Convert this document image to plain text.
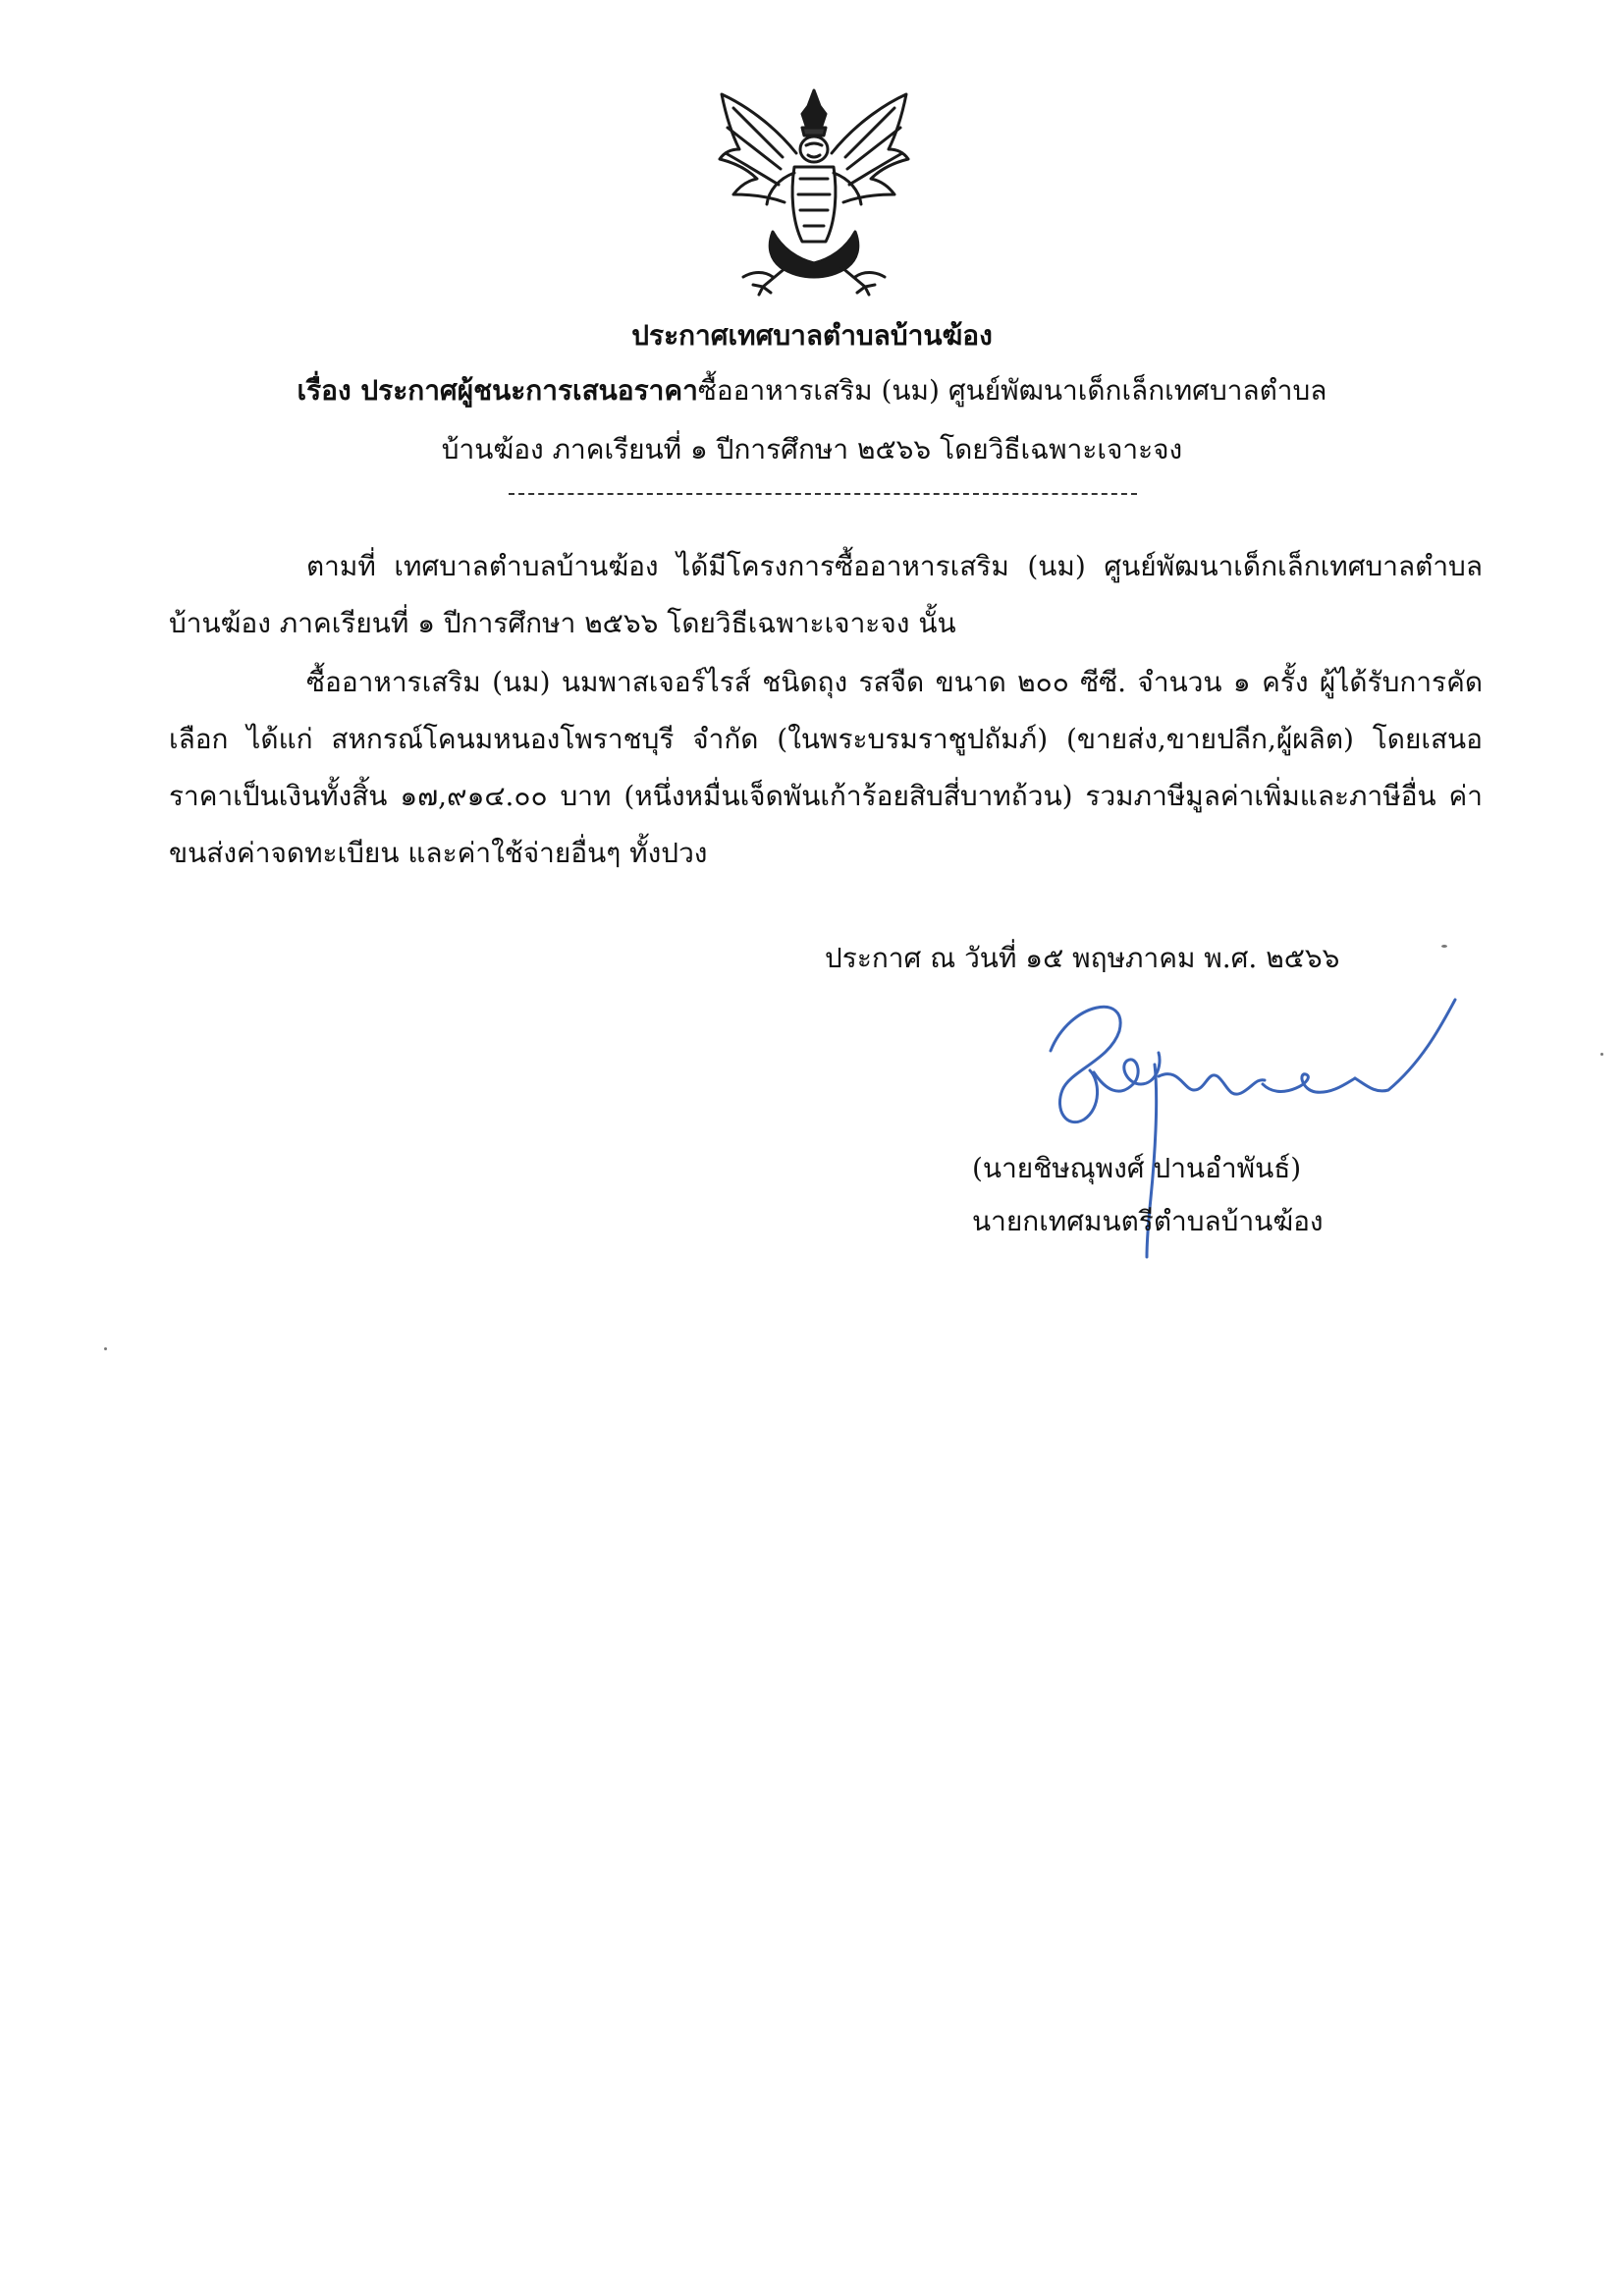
ประกาศเทศบาลตำบลบ้านฆ้อง
เรื่อง ประกาศผู้ชนะการเสนอราคาซื้ออาหารเสริม (นม) ศูนย์พัฒนาเด็กเล็กเทศบาลตำบล
บ้านฆ้อง ภาคเรียนที่ ๑ ปีการศึกษา ๒๕๖๖ โดยวิธีเฉพาะเจาะจง
ตามที่ เทศบาลตำบลบ้านฆ้อง ได้มีโครงการซื้ออาหารเสริม (นม) ศูนย์พัฒนาเด็กเล็กเทศบาลตำบลบ้านฆ้อง ภาคเรียนที่ ๑ ปีการศึกษา ๒๕๖๖ โดยวิธีเฉพาะเจาะจง นั้น
ซื้ออาหารเสริม (นม) นมพาสเจอร์ไรส์ ชนิดถุง รสจืด ขนาด ๒๐๐ ซีซี. จำนวน ๑ ครั้ง ผู้ได้รับการคัดเลือก ได้แก่ สหกรณ์โคนมหนองโพราชบุรี จำกัด (ในพระบรมราชูปถัมภ์) (ขายส่ง,ขายปลีก,ผู้ผลิต) โดยเสนอราคาเป็นเงินทั้งสิ้น ๑๗,๙๑๔.๐๐ บาท (หนึ่งหมื่นเจ็ดพันเก้าร้อยสิบสี่บาทถ้วน) รวมภาษีมูลค่าเพิ่มและภาษีอื่น ค่าขนส่งค่าจดทะเบียน และค่าใช้จ่ายอื่นๆ ทั้งปวง
ประกาศ ณ วันที่ ๑๕ พฤษภาคม พ.ศ. ๒๕๖๖
(นายชิษณุพงศ์ ปานอำพันธ์)
นายกเทศมนตรีตำบลบ้านฆ้อง
